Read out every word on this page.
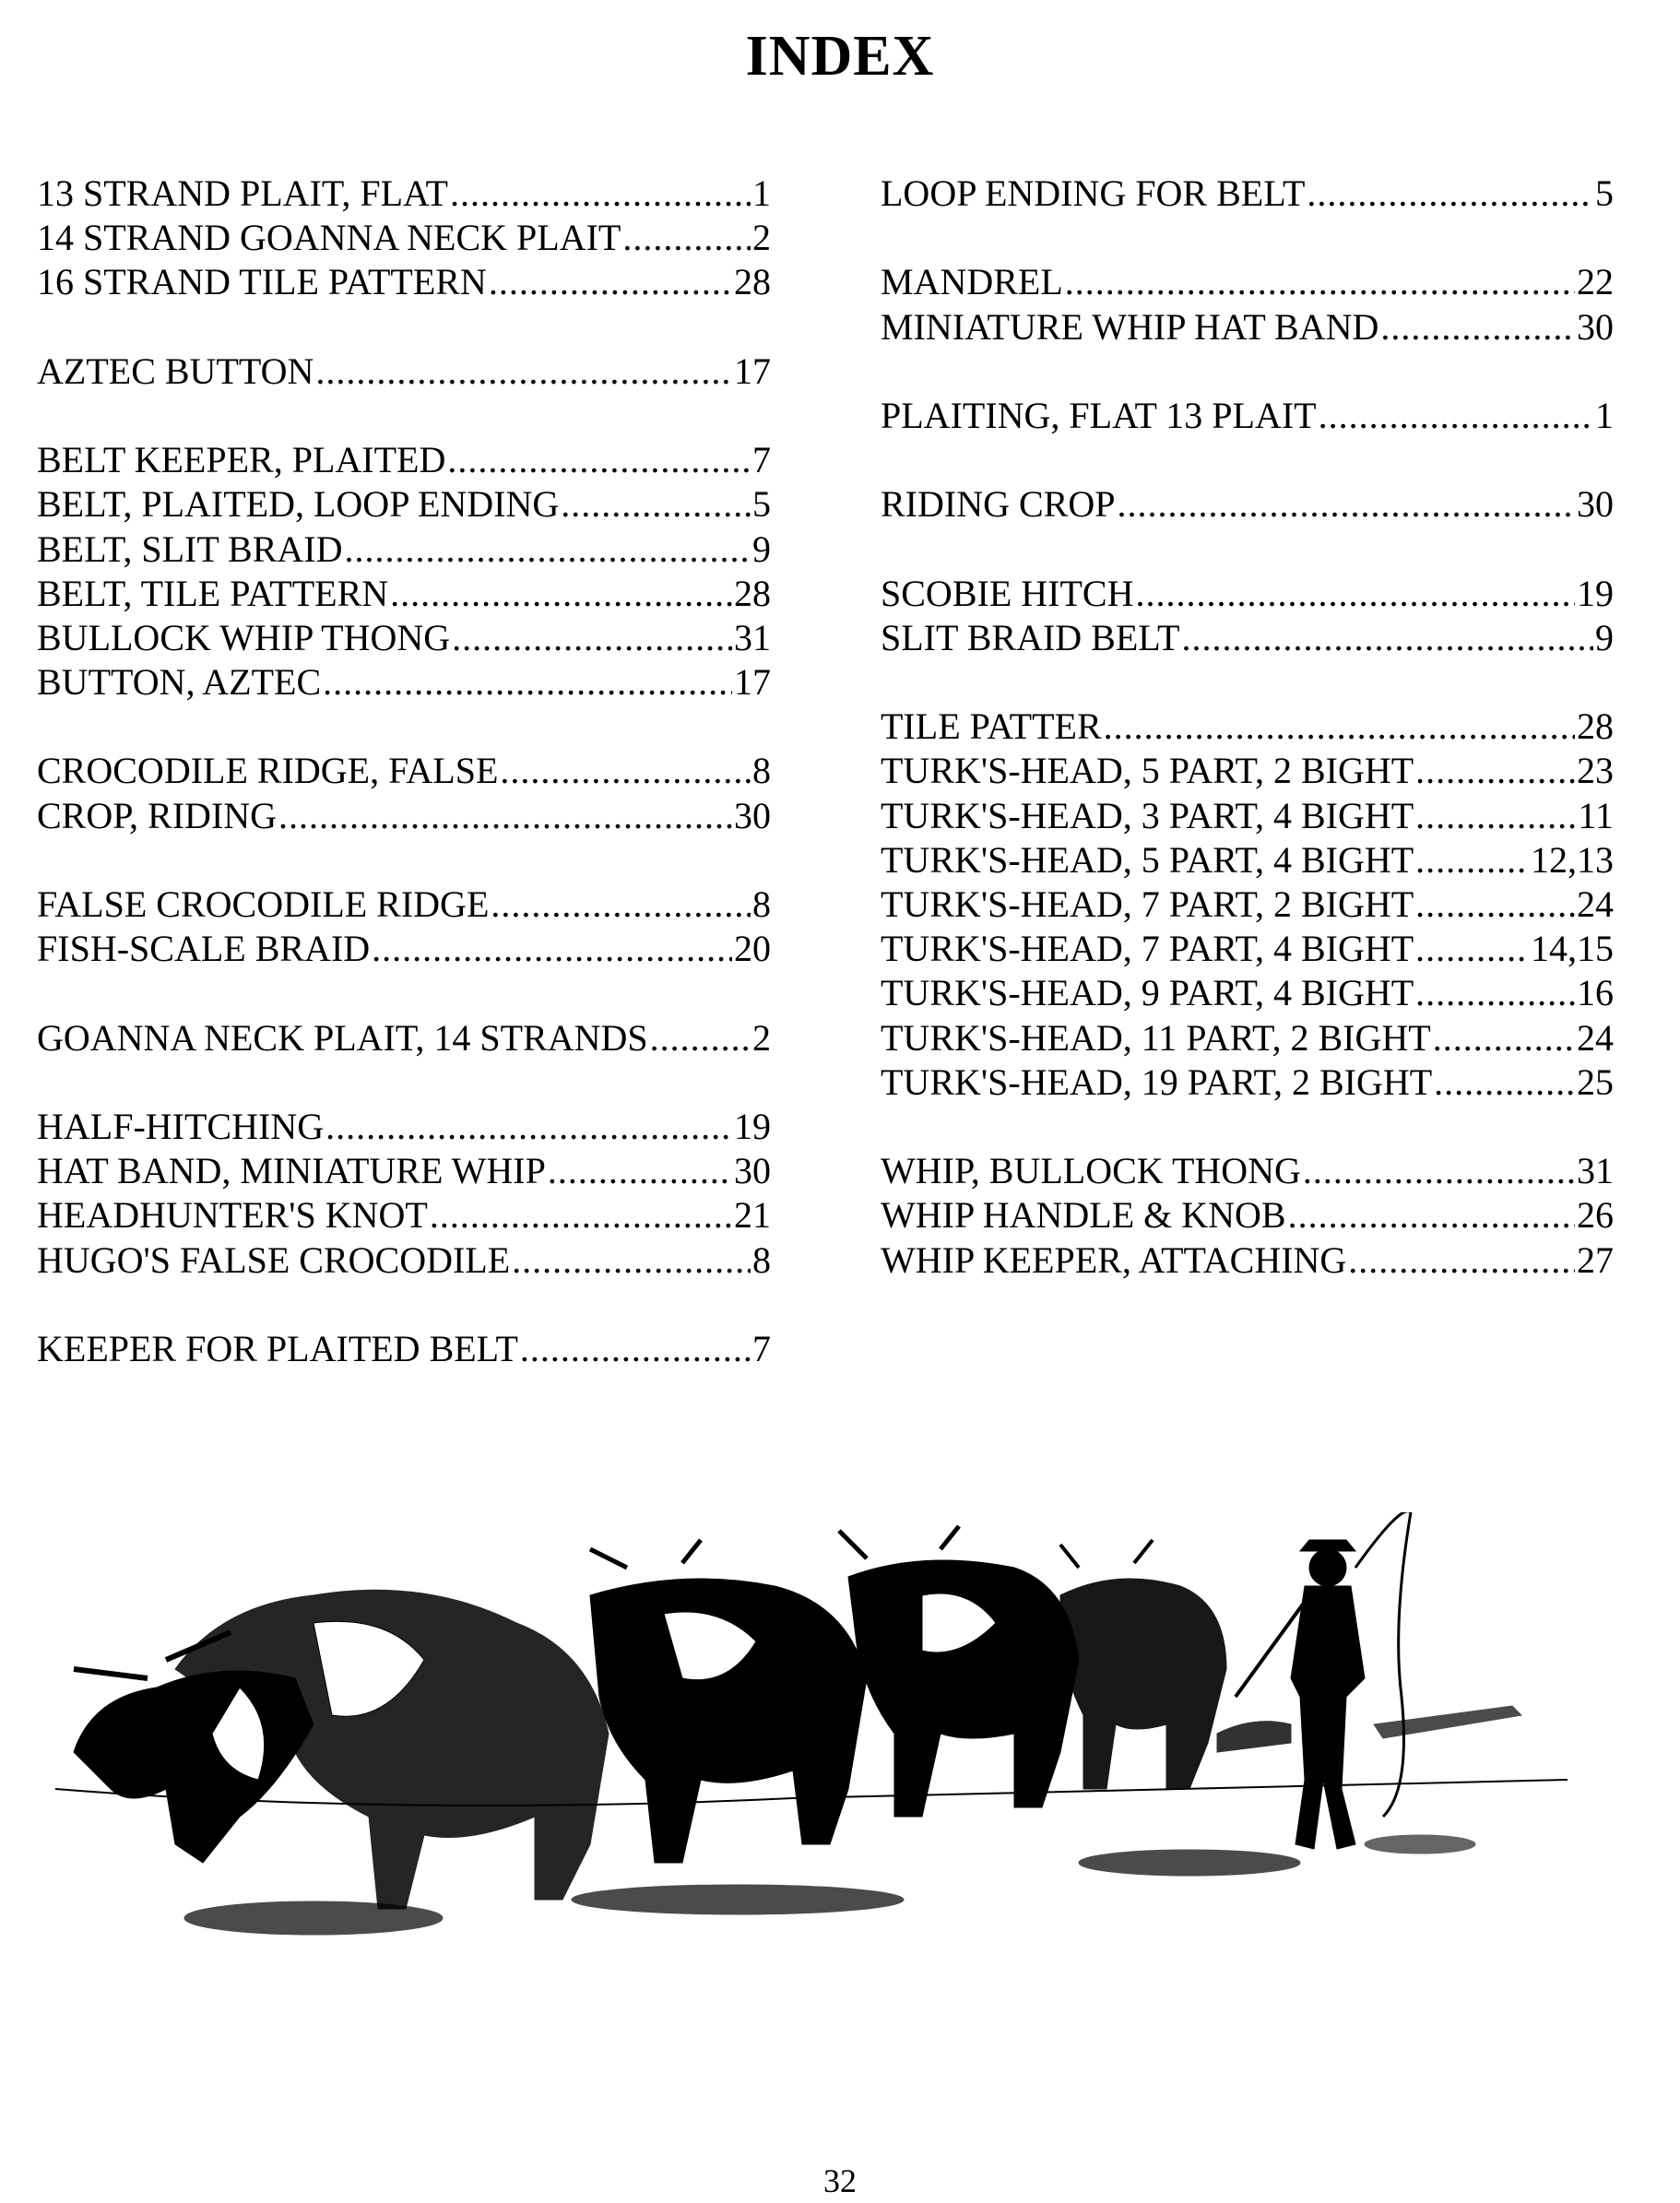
INDEX
13 STRAND PLAIT, FLAT .....	1
14 STRAND GOANNA NECK PLAIT .....	2
16 STRAND TILE PATTERN .....	28
AZTEC BUTTON .....	17
BELT KEEPER, PLAITED .....	7
BELT, PLAITED, LOOP ENDING .....	5
BELT, SLIT BRAID .....	9
BELT, TILE PATTERN .....	28
BULLOCK WHIP THONG .....	31
BUTTON, AZTEC .....	17
CROCODILE RIDGE, FALSE .....	8
CROP, RIDING .....	30
FALSE CROCODILE RIDGE .....	8
FISH-SCALE BRAID .....	20
GOANNA NECK PLAIT, 14 STRANDS .....	2
HALF-HITCHING .....	19
HAT BAND, MINIATURE WHIP .....	30
HEADHUNTER'S KNOT .....	21
HUGO'S FALSE CROCODILE .....	8
KEEPER FOR PLAITED BELT .....	7
LOOP ENDING FOR BELT .....	5
MANDREL .....	22
MINIATURE WHIP HAT BAND .....	30
PLAITING, FLAT 13 PLAIT .....	1
RIDING CROP .....	30
SCOBIE HITCH .....	19
SLIT BRAID BELT .....	9
TILE PATTER .....	28
TURK'S-HEAD, 5 PART, 2 BIGHT .....	23
TURK'S-HEAD, 3 PART, 4 BIGHT .....	11
TURK'S-HEAD, 5 PART, 4 BIGHT .....	12,13
TURK'S-HEAD, 7 PART, 2 BIGHT .....	24
TURK'S-HEAD, 7 PART, 4 BIGHT .....	14,15
TURK'S-HEAD, 9 PART, 4 BIGHT .....	16
TURK'S-HEAD, 11 PART, 2 BIGHT .....	24
TURK'S-HEAD, 19 PART, 2 BIGHT .....	25
WHIP, BULLOCK THONG .....	31
WHIP HANDLE & KNOB .....	26
WHIP KEEPER, ATTACHING .....	27
32
